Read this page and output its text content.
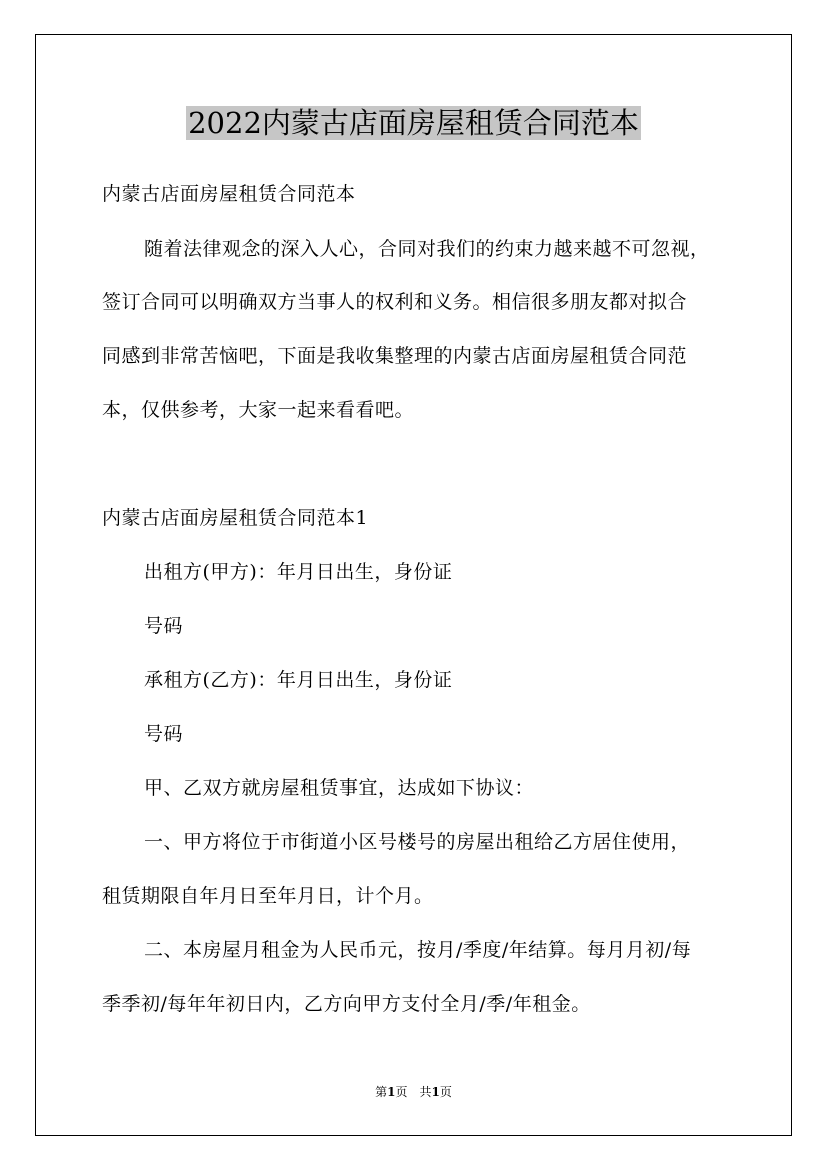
2022内蒙古店面房屋租赁合同范本
内蒙古店面房屋租赁合同范本
随着法律观念的深入人心，合同对我们的约束力越来越不可忽视，
签订合同可以明确双方当事人的权利和义务。相信很多朋友都对拟合
同感到非常苦恼吧，下面是我收集整理的内蒙古店面房屋租赁合同范
本，仅供参考，大家一起来看看吧。
内蒙古店面房屋租赁合同范本1
出租方(甲方)：年月日出生，身份证
号码
承租方(乙方)：年月日出生，身份证
号码
甲、乙双方就房屋租赁事宜，达成如下协议：
一、甲方将位于市街道小区号楼号的房屋出租给乙方居住使用，
租赁期限自年月日至年月日，计个月。
二、本房屋月租金为人民币元，按月/季度/年结算。每月月初/每
季季初/每年年初日内，乙方向甲方支付全月/季/年租金。
第1页　共1页
